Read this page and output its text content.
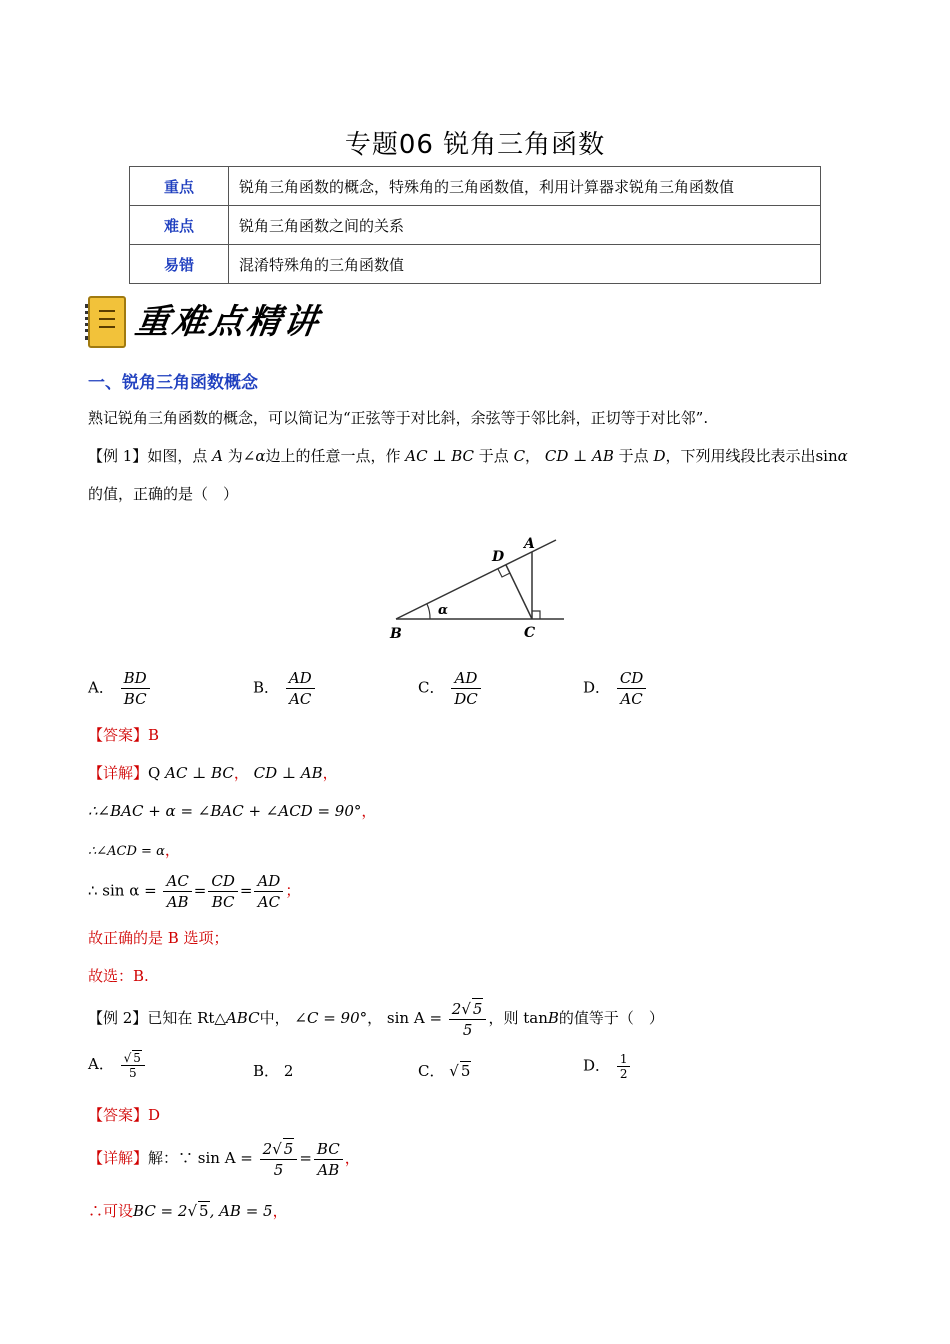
专题06 锐角三角函数
重点	锐角三角函数的概念，特殊角的三角函数值，利用计算器求锐角三角函数值
难点	锐角三角函数之间的关系
易错	混淆特殊角的三角函数值
重难点精讲
一、锐角三角函数概念
熟记锐角三角函数的概念，可以简记为“正弦等于对比斜，余弦等于邻比斜，正切等于对比邻”.
【例 1】如图，点 A 为∠α边上的任意一点，作 AC ⊥ BC 于点 C， CD ⊥ AB 于点 D，下列用线段比表示出sinα
的值，正确的是（　）
A
B	C
D
α
A． $\frac{BD}{BC}$	B． $\frac{AD}{AC}$	C． $\frac{AD}{DC}$	D． $\frac{CD}{AC}$
【答案】B
【详解】Q AC ⊥ BC， CD ⊥ AB，
∴∠BAC + α = ∠BAC + ∠ACD = 90°，
∴∠ACD = α，
∴ $\sin \alpha = \frac{AC}{AB} = \frac{CD}{BC} = \frac{AD}{AC}$ ；
故正确的是 B 选项；
故选：B.
【例 2】已知在 Rt△ABC中， ∠C = 90°， $\sin A = \frac{2√ 5}{5}$ ，则 tanB的值等于（　）
A． $\frac{√ 5}{5}$	B． 2	C． √ 5	D． $\frac{1}{2}$
【答案】D
【详解】解：∵ $\sin A = \frac{2√ 5}{5} = \frac{BC}{AB}$ ，
∴可设BC = 2√ 5, AB = 5，
